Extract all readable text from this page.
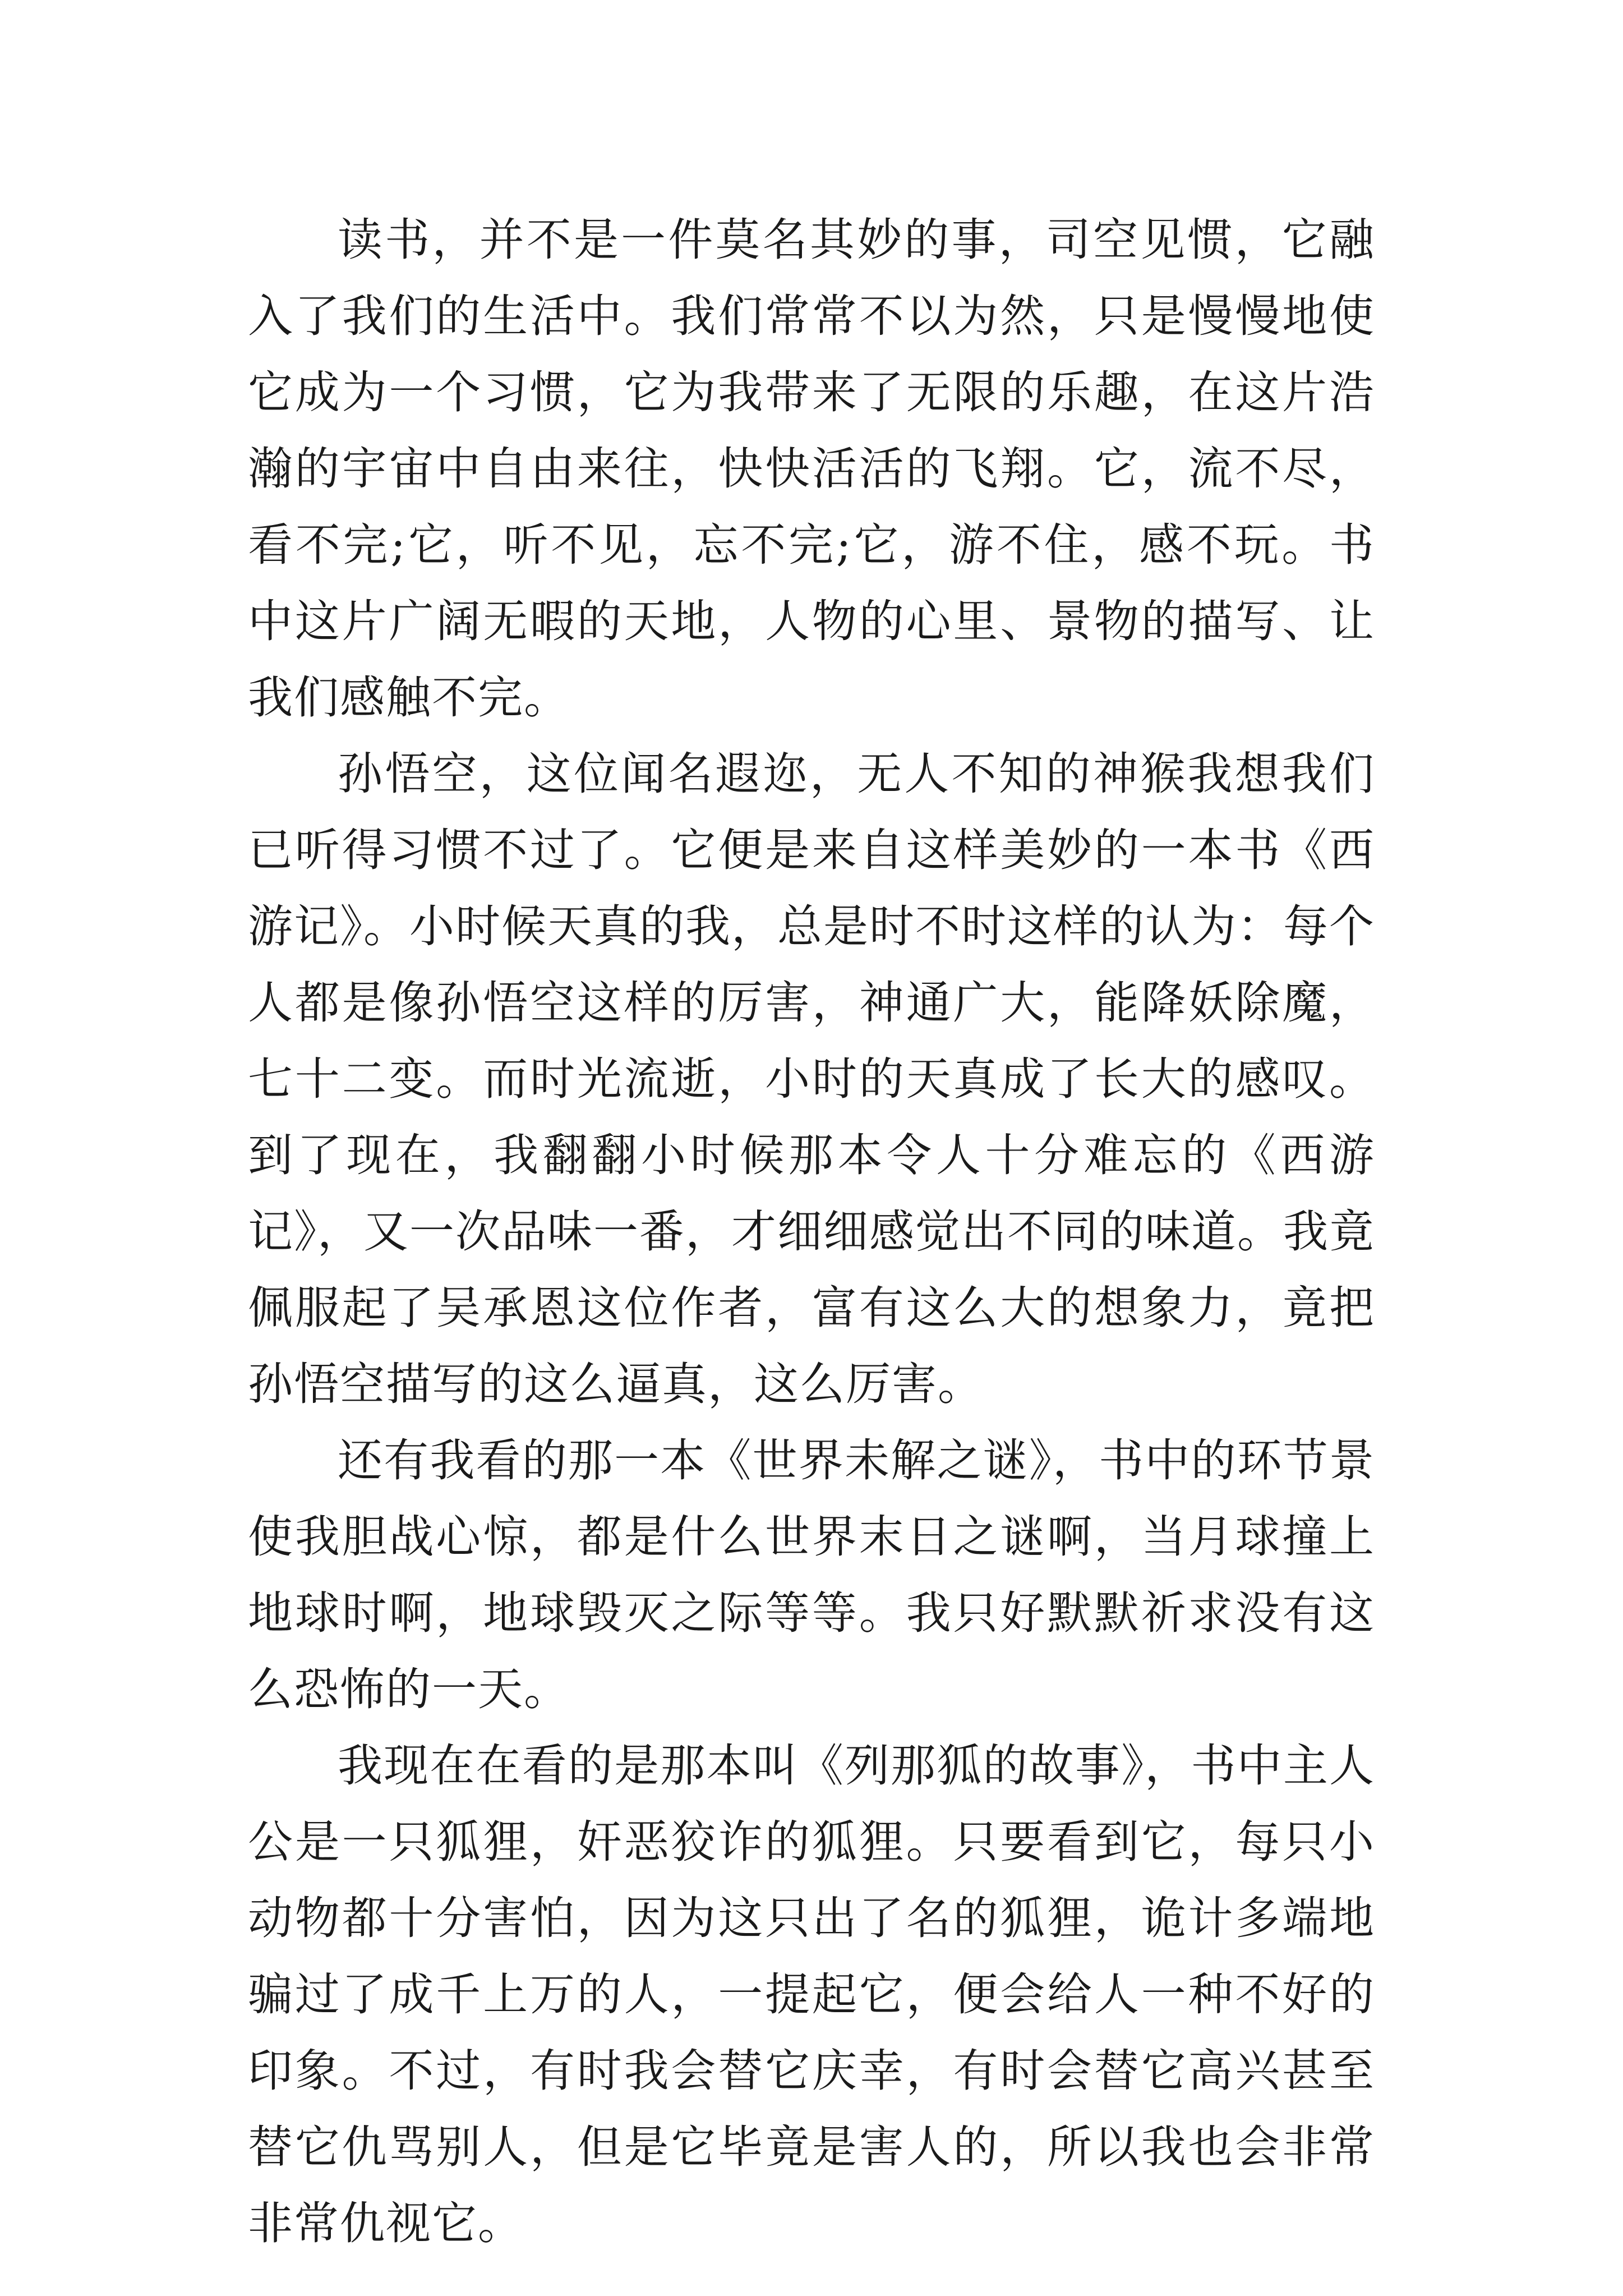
读书，并不是一件莫名其妙的事，司空见惯，它融入了我们的生活中。我们常常不以为然，只是慢慢地使它成为一个习惯，它为我带来了无限的乐趣，在这片浩瀚的宇宙中自由来往，快快活活的飞翔。它，流不尽，看不完;它，听不见，忘不完;它，游不住，感不玩。书中这片广阔无暇的天地，人物的心里、景物的描写、让我们感触不完。

孙悟空，这位闻名遐迩，无人不知的神猴我想我们已听得习惯不过了。它便是来自这样美妙的一本书《西游记》。小时候天真的我，总是时不时这样的认为：每个人都是像孙悟空这样的厉害，神通广大，能降妖除魔，七十二变。而时光流逝，小时的天真成了长大的感叹。到了现在，我翻翻小时候那本令人十分难忘的《西游记》，又一次品味一番，才细细感觉出不同的味道。我竟佩服起了吴承恩这位作者，富有这么大的想象力，竟把孙悟空描写的这么逼真，这么厉害。

还有我看的那一本《世界未解之谜》，书中的环节景使我胆战心惊，都是什么世界末日之谜啊，当月球撞上地球时啊，地球毁灭之际等等。我只好默默祈求没有这么恐怖的一天。

我现在在看的是那本叫《列那狐的故事》，书中主人公是一只狐狸，奸恶狡诈的狐狸。只要看到它，每只小动物都十分害怕，因为这只出了名的狐狸，诡计多端地骗过了成千上万的人，一提起它，便会给人一种不好的印象。不过，有时我会替它庆幸，有时会替它高兴甚至替它仇骂别人，但是它毕竟是害人的，所以我也会非常非常仇视它。
